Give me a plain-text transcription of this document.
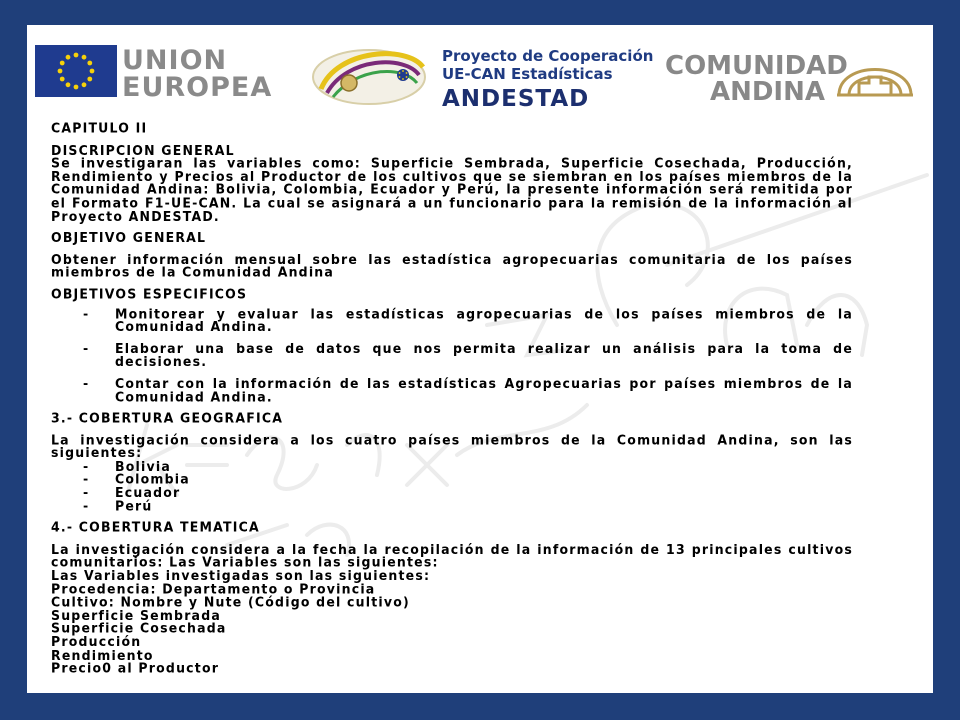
UNION
EUROPEA
Proyecto de Cooperación
UE-CAN Estadísticas
ANDESTAD
COMUNIDAD
ANDINA
CAPITULO II
DISCRIPCION GENERAL
Se investigaran las variables como: Superficie Sembrada, Superficie Cosechada, Producción, Rendimiento y Precios al Productor de los cultivos que se siembran en los países miembros de la Comunidad Andina: Bolivia, Colombia, Ecuador y Perú, la presente información será remitida por el Formato F1-UE-CAN. La cual se asignará a un funcionario para la remisión de la información al Proyecto ANDESTAD.
OBJETIVO GENERAL
Obtener información mensual sobre las estadística agropecuarias comunitaria de los países miembros de la Comunidad Andina
OBJETIVOS ESPECIFICOS
-	Monitorear y evaluar las estadísticas agropecuarias de los países miembros de la Comunidad Andina.
-	Elaborar una base de datos que nos permita realizar un análisis para la toma de decisiones.
-	Contar con la información de las estadísticas Agropecuarias por países miembros de la Comunidad Andina.
3.- COBERTURA GEOGRAFICA
La investigación considera a los cuatro países miembros de la Comunidad Andina, son las siguientes:
-	Bolivia
-	Colombia
-	Ecuador
-	Perú
4.- COBERTURA TEMATICA
La investigación considera a la fecha la recopilación de la información de 13 principales cultivos comunitarios: Las Variables son las siguientes:
Las Variables investigadas son las siguientes:
Procedencia: Departamento o Provincia
Cultivo: Nombre y Nute (Código del cultivo)
Superficie Sembrada
Superficie Cosechada
Producción
Rendimiento
Precio0 al Productor
